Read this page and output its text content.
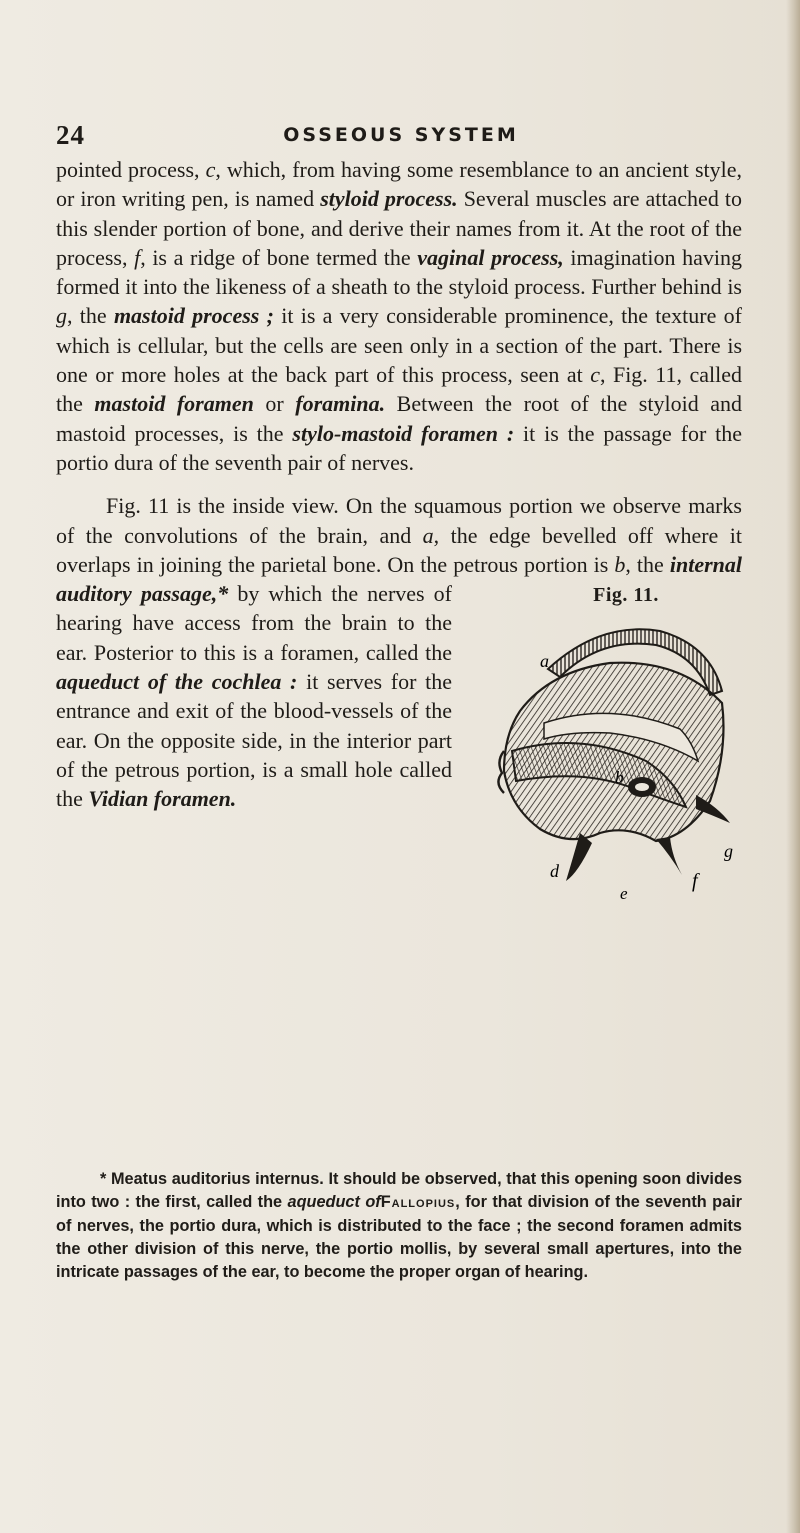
24	OSSEOUS SYSTEM

pointed process, c, which, from having some resemblance to an ancient style, or iron writing pen, is named styloid process. Several muscles are attached to this slender portion of bone, and derive their names from it. At the root of the process, f, is a ridge of bone termed the vaginal process, imagination having formed it into the likeness of a sheath to the styloid process. Further behind is g, the mastoid process ; it is a very considerable prominence, the texture of which is cellular, but the cells are seen only in a section of the part. There is one or more holes at the back part of this process, seen at c, Fig. 11, called the mastoid foramen or foramina. Between the root of the styloid and mastoid processes, is the stylo-mastoid foramen : it is the passage for the portio dura of the seventh pair of nerves.

Fig. 11 is the inside view. On the squamous portion we observe marks of the convolutions of the brain, and a, the edge bevelled off where it overlaps in joining the parietal bone. On the petrous portion is
Fig. 11.
a
b
d
e
f
g
b, the internal auditory passage,* by which the nerves of hearing have access from the brain to the ear. Posterior to this is a foramen, called the aqueduct of the cochlea : it serves for the entrance and exit of the blood-vessels of the ear. On the opposite side, in the interior part of the petrous portion, is a small hole called the Vidian foramen.

* Meatus auditorius internus. It should be observed, that this opening soon divides into two : the first, called the aqueduct ofFallopius, for that division of the seventh pair of nerves, the portio dura, which is distributed to the face ; the second foramen admits the other division of this nerve, the portio mollis, by several small apertures, into the intricate passages of the ear, to become the proper organ of hearing.
